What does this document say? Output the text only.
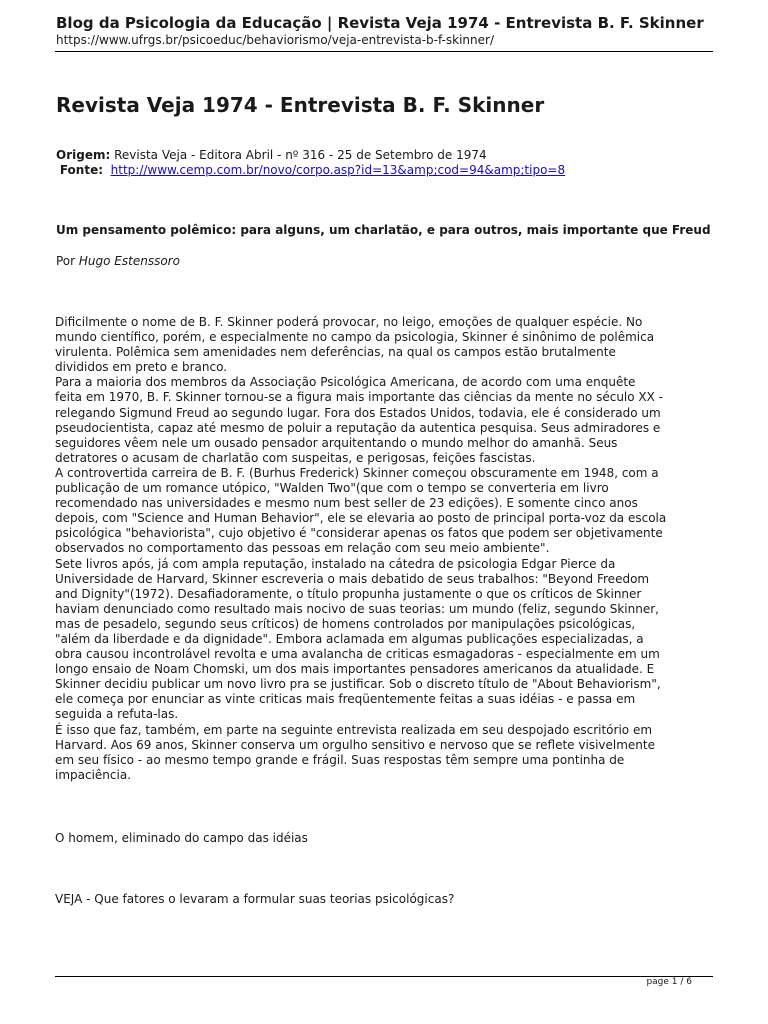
Blog da Psicologia da Educação | Revista Veja 1974 - Entrevista B. F. Skinner
https://www.ufrgs.br/psicoeduc/behaviorismo/veja-entrevista-b-f-skinner/
Revista Veja 1974 - Entrevista B. F. Skinner
Origem: Revista Veja - Editora Abril - nº 316 - 25 de Setembro de 1974
Fonte: http://www.cemp.com.br/novo/corpo.asp?id=13&amp;cod=94&amp;tipo=8
Um pensamento polêmico: para alguns, um charlatão, e para outros, mais importante que Freud
Por Hugo Estenssoro
Dificilmente o nome de B. F. Skinner poderá provocar, no leigo, emoções de qualquer espécie. No
mundo científico, porém, e especialmente no campo da psicologia, Skinner é sinônimo de polêmica
virulenta. Polêmica sem amenidades nem deferências, na qual os campos estão brutalmente
divididos em preto e branco.
Para a maioria dos membros da Associação Psicológica Americana, de acordo com uma enquête
feita em 1970, B. F. Skinner tornou-se a figura mais importante das ciências da mente no século XX -
relegando Sigmund Freud ao segundo lugar. Fora dos Estados Unidos, todavia, ele é considerado um
pseudocientista, capaz até mesmo de poluir a reputação da autentica pesquisa. Seus admiradores e
seguidores vêem nele um ousado pensador arquitentando o mundo melhor do amanhã. Seus
detratores o acusam de charlatão com suspeitas, e perigosas, feições fascistas.
A controvertida carreira de B. F. (Burhus Frederick) Skinner começou obscuramente em 1948, com a
publicação de um romance utópico, "Walden Two"(que com o tempo se converteria em livro
recomendado nas universidades e mesmo num best seller de 23 edições). E somente cinco anos
depois, com "Science and Human Behavior", ele se elevaria ao posto de principal porta-voz da escola
psicológica "behaviorista", cujo objetivo é "considerar apenas os fatos que podem ser objetivamente
observados no comportamento das pessoas em relação com seu meio ambiente".
Sete livros após, já com ampla reputação, instalado na cátedra de psicologia Edgar Pierce da
Universidade de Harvard, Skinner escreveria o mais debatido de seus trabalhos: "Beyond Freedom
and Dignity"(1972). Desafiadoramente, o título propunha justamente o que os críticos de Skinner
haviam denunciado como resultado mais nocivo de suas teorias: um mundo (feliz, segundo Skinner,
mas de pesadelo, segundo seus críticos) de homens controlados por manipulações psicológicas,
"além da liberdade e da dignidade". Embora aclamada em algumas publicações especializadas, a
obra causou incontrolável revolta e uma avalancha de criticas esmagadoras - especialmente em um
longo ensaio de Noam Chomski, um dos mais importantes pensadores americanos da atualidade. E
Skinner decidiu publicar um novo livro pra se justificar. Sob o discreto título de "About Behaviorism",
ele começa por enunciar as vinte criticas mais freqüentemente feitas a suas idéias - e passa em
seguida a refuta-las.
É isso que faz, também, em parte na seguinte entrevista realizada em seu despojado escritório em
Harvard. Aos 69 anos, Skinner conserva um orgulho sensitivo e nervoso que se reflete visivelmente
em seu físico - ao mesmo tempo grande e frágil. Suas respostas têm sempre uma pontinha de
impaciência.
O homem, eliminado do campo das idéias
VEJA - Que fatores o levaram a formular suas teorias psicológicas?
page 1 / 6
